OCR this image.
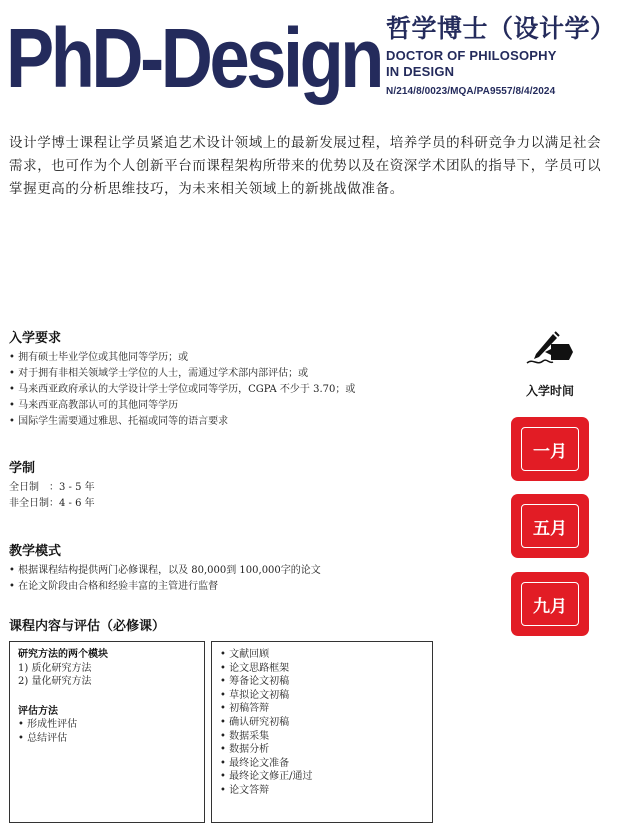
PhD-Design 哲学博士（设计学）
DOCTOR OF PHILOSOPHY
IN DESIGN
N/214/8/0023/MQA/PA9557/8/4/2024
设计学博士课程让学员紧追艺术设计领域上的最新发展过程，培养学员的科研竞争力以满足社会需求，也可作为个人创新平台而课程架构所带来的优势以及在资深学术团队的指导下，学员可以掌握更高的分析思维技巧，为未来相关领域上的新挑战做准备。
入学要求
• 拥有硕士毕业学位或其他同等学历；或
• 对于拥有非相关领域学士学位的人士，需通过学术部内部评估；或
• 马来西亚政府承认的大学设计学士学位或同等学历，CGPA 不少于 3.70；或
• 马来西亚高教部认可的其他同等学历
• 国际学生需要通过雅思、托福或同等的语言要求
学制
全日制　：3 - 5 年
非全日制：4 - 6 年
教学模式
• 根据课程结构提供两门必修课程，以及 80,000到 100,000字的论文
• 在论文阶段由合格和经验丰富的主管进行监督
课程内容与评估（必修课）
研究方法的两个模块
1) 质化研究方法
2) 量化研究方法
评估方法
• 形成性评估
• 总结评估
• 文献回顾
• 论文思路框架
• 筹备论文初稿
• 草拟论文初稿
• 初稿答辩
• 确认研究初稿
• 数据采集
• 数据分析
• 最终论文准备
• 最终论文修正/通过
• 论文答辩
入学时间
一月
五月
九月
